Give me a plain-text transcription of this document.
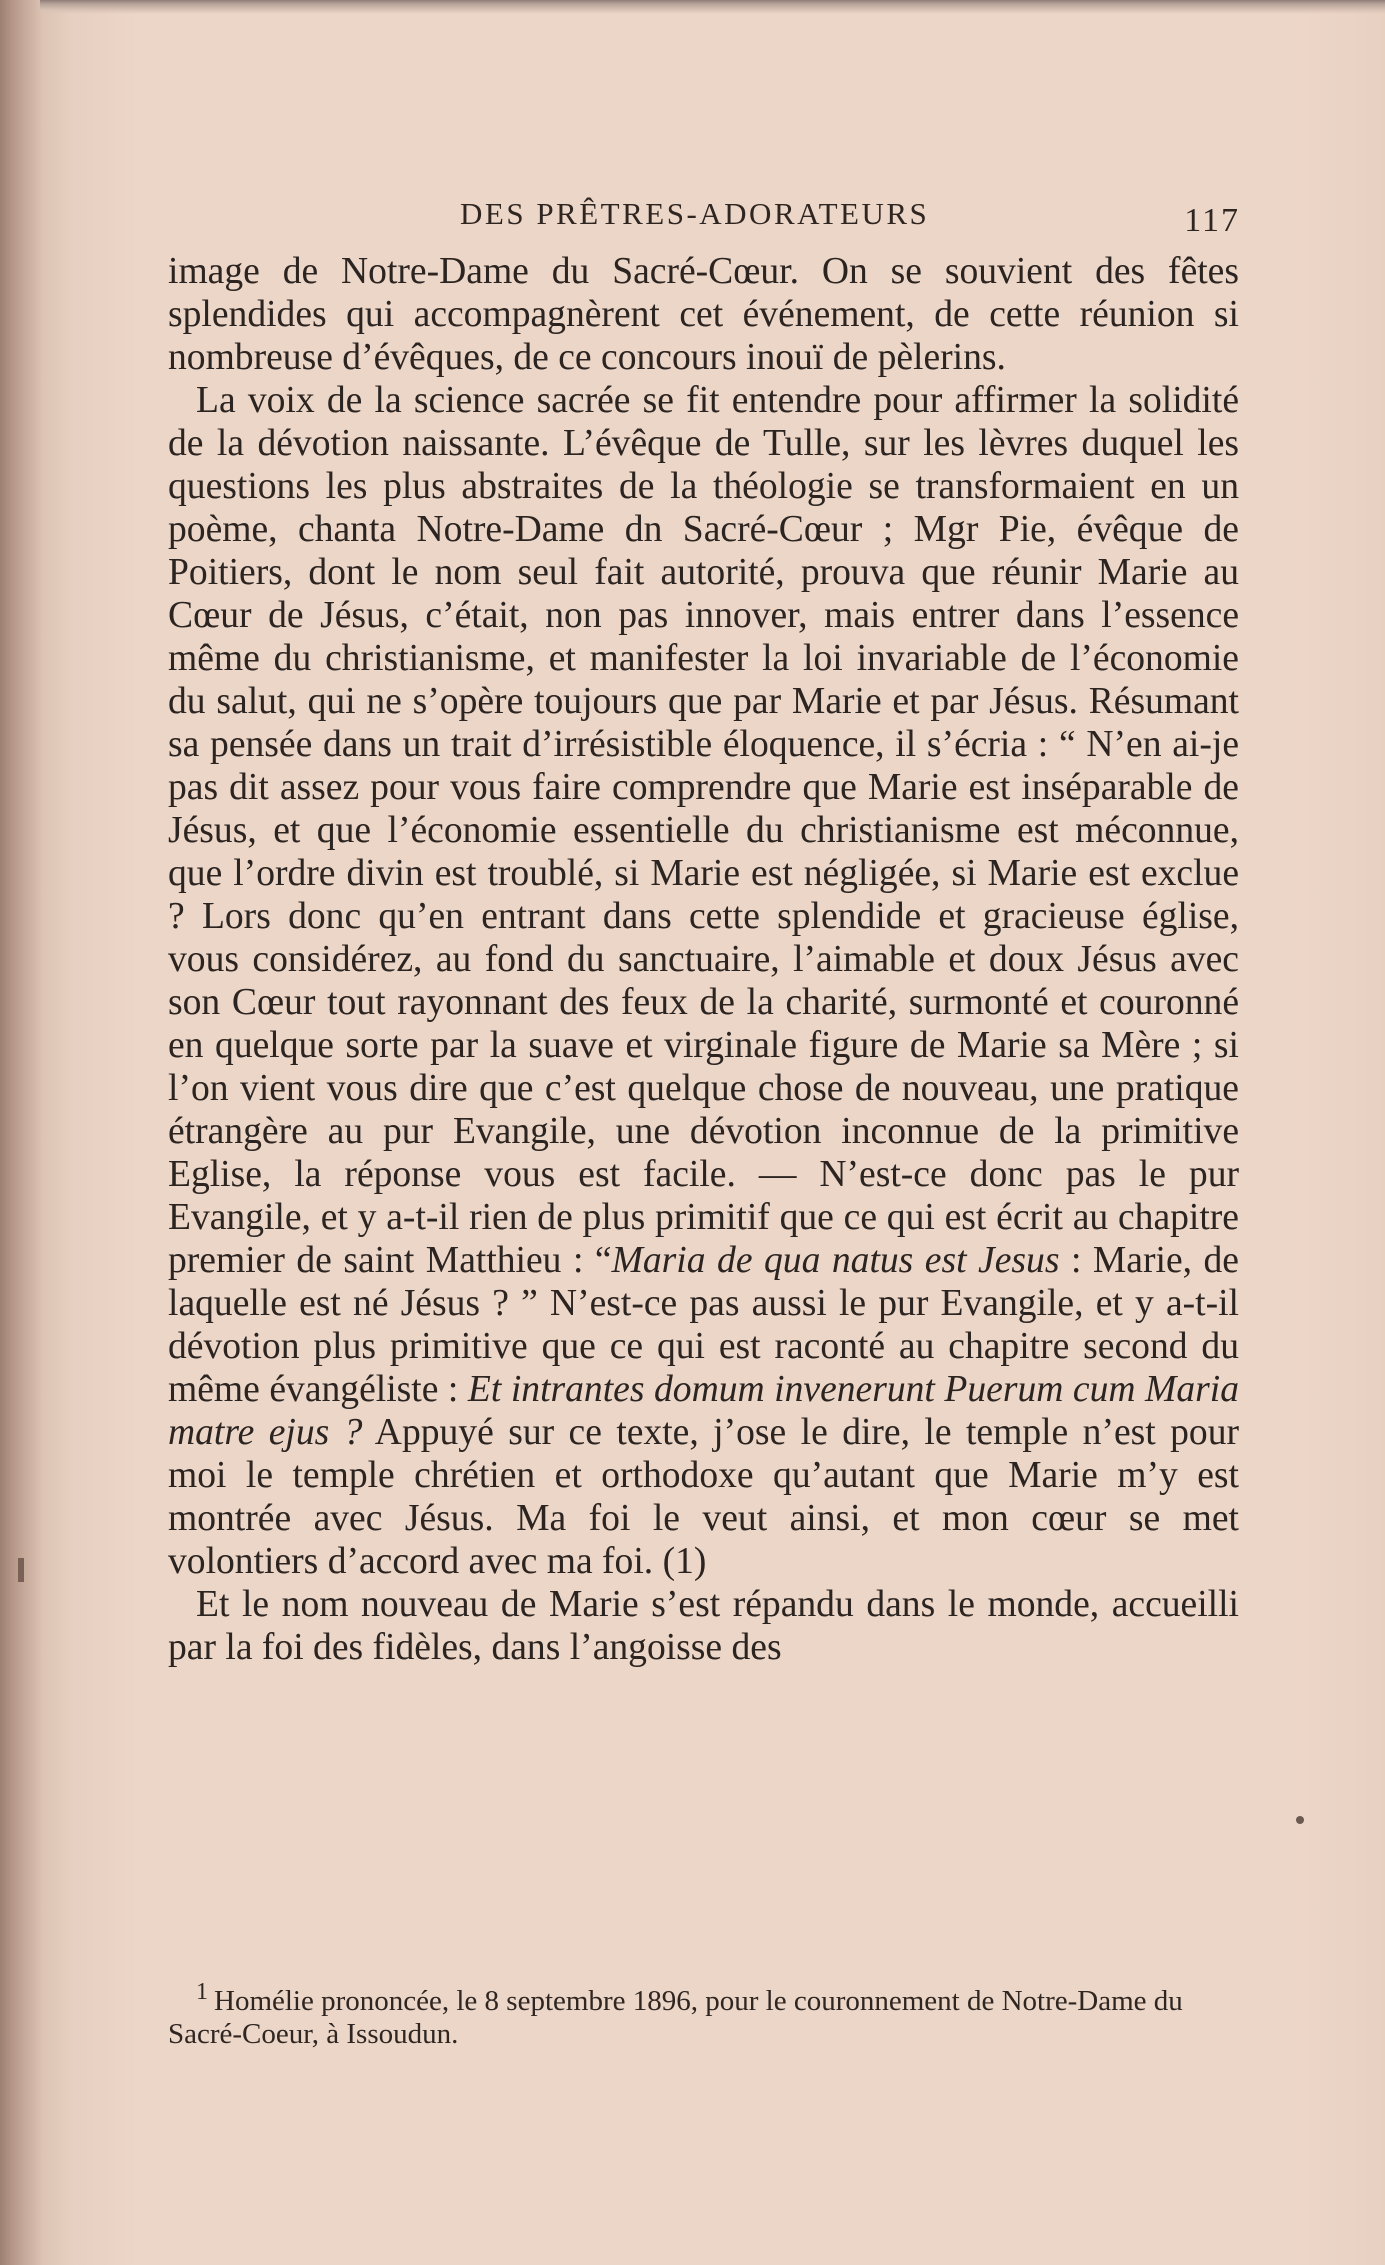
DES PRÊTRES-ADORATEURS	117

image de Notre-Dame du Sacré-Cœur. On se souvient des fêtes splendides qui accompagnèrent cet événement, de cette réunion si nombreuse d’évêques, de ce concours inouï de pèlerins.

La voix de la science sacrée se fit entendre pour affirmer la solidité de la dévotion naissante. L’évêque de Tulle, sur les lèvres duquel les questions les plus abstraites de la théologie se transformaient en un poème, chanta Notre-Dame dn Sacré-Cœur ; Mgr Pie, évêque de Poitiers, dont le nom seul fait autorité, prouva que réunir Marie au Cœur de Jésus, c’était, non pas innover, mais entrer dans l’essence même du christianisme, et manifester la loi invariable de l’économie du salut, qui ne s’opère toujours que par Marie et par Jésus. Résumant sa pensée dans un trait d’irrésistible éloquence, il s’écria : “ N’en ai-je pas dit assez pour vous faire comprendre que Marie est inséparable de Jésus, et que l’économie essentielle du christianisme est méconnue, que l’ordre divin est troublé, si Marie est négligée, si Marie est exclue ? Lors donc qu’en entrant dans cette splendide et gracieuse église, vous considérez, au fond du sanctuaire, l’aimable et doux Jésus avec son Cœur tout rayonnant des feux de la charité, surmonté et couronné en quelque sorte par la suave et virginale figure de Marie sa Mère ; si l’on vient vous dire que c’est quelque chose de nouveau, une pratique étrangère au pur Evangile, une dévotion inconnue de la primitive Eglise, la réponse vous est facile. — N’est-ce donc pas le pur Evangile, et y a-t-il rien de plus primitif que ce qui est écrit au chapitre premier de saint Matthieu : “Maria de qua natus est Jesus : Marie, de laquelle est né Jésus ? ” N’est-ce pas aussi le pur Evangile, et y a-t-il dévotion plus primitive que ce qui est raconté au chapitre second du même évangéliste : Et intrantes domum invenerunt Puerum cum Maria matre ejus ? Appuyé sur ce texte, j’ose le dire, le temple n’est pour moi le temple chrétien et orthodoxe qu’autant que Marie m’y est montrée avec Jésus. Ma foi le veut ainsi, et mon cœur se met volontiers d’accord avec ma foi. (1)

Et le nom nouveau de Marie s’est répandu dans le monde, accueilli par la foi des fidèles, dans l’angoisse des

$^1$ Homélie prononcée, le 8 septembre 1896, pour le couronnement de Notre-Dame du Sacré-Coeur, à Issoudun.
